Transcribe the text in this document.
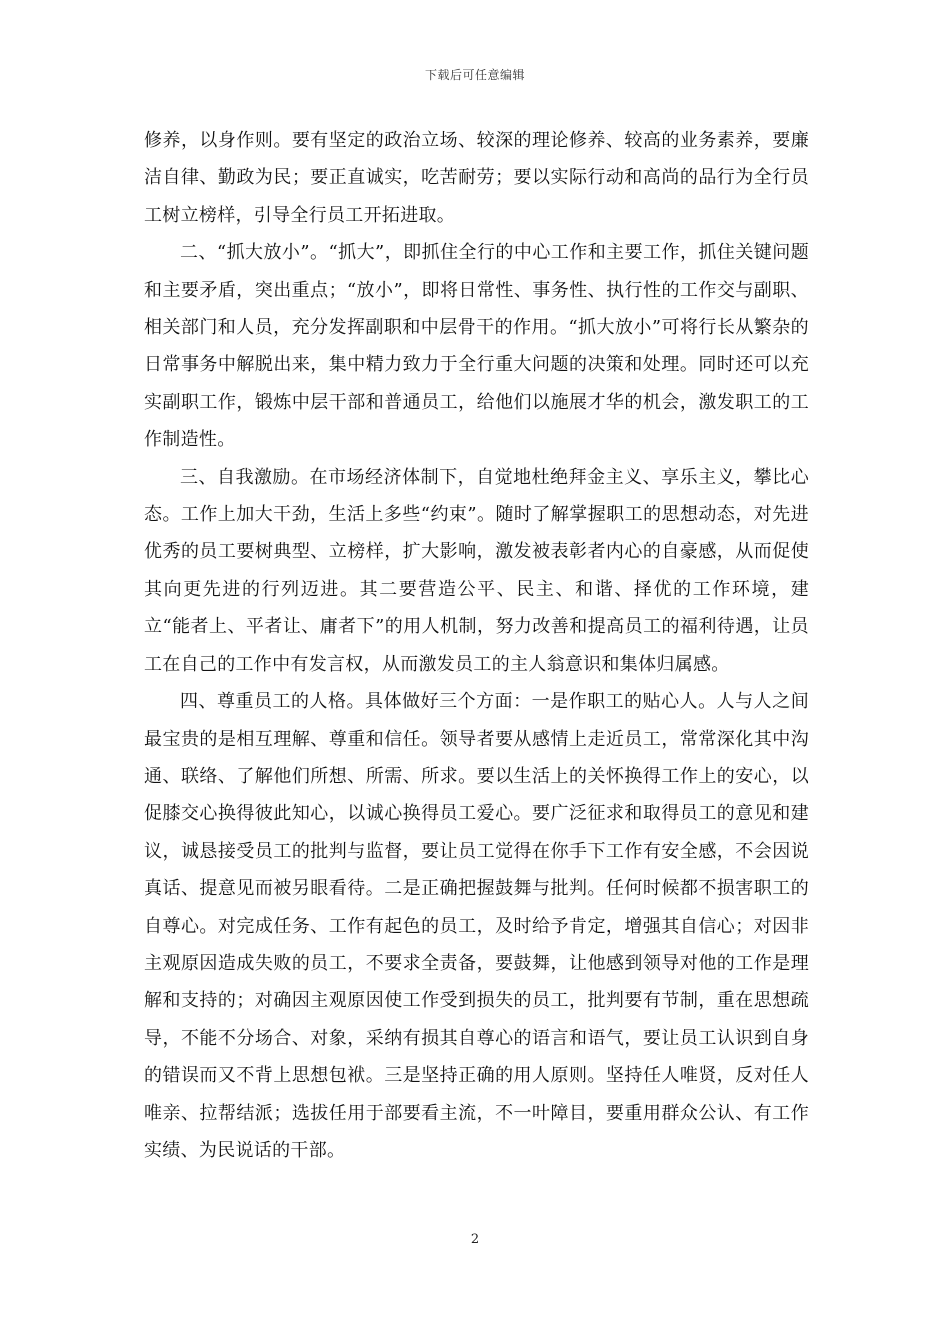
下载后可任意编辑

修养，以身作则。要有坚定的政治立场、较深的理论修养、较高的业务素养，要廉洁自律、勤政为民；要正直诚实，吃苦耐劳；要以实际行动和高尚的品行为全行员工树立榜样，引导全行员工开拓进取。

二、“抓大放小”。“抓大”，即抓住全行的中心工作和主要工作，抓住关键问题和主要矛盾，突出重点；“放小”，即将日常性、事务性、执行性的工作交与副职、相关部门和人员，充分发挥副职和中层骨干的作用。“抓大放小”可将行长从繁杂的日常事务中解脱出来，集中精力致力于全行重大问题的决策和处理。同时还可以充实副职工作，锻炼中层干部和普通员工，给他们以施展才华的机会，激发职工的工作制造性。

三、自我激励。在市场经济体制下，自觉地杜绝拜金主义、享乐主义，攀比心态。工作上加大干劲，生活上多些“约束”。随时了解掌握职工的思想动态，对先进优秀的员工要树典型、立榜样，扩大影响，激发被表彰者内心的自豪感，从而促使其向更先进的行列迈进。其二要营造公平、民主、和谐、择优的工作环境，建立“能者上、平者让、庸者下”的用人机制，努力改善和提高员工的福利待遇，让员工在自己的工作中有发言权，从而激发员工的主人翁意识和集体归属感。

四、尊重员工的人格。具体做好三个方面：一是作职工的贴心人。人与人之间最宝贵的是相互理解、尊重和信任。领导者要从感情上走近员工，常常深化其中沟通、联络、了解他们所想、所需、所求。要以生活上的关怀换得工作上的安心，以促膝交心换得彼此知心，以诚心换得员工爱心。要广泛征求和取得员工的意见和建议，诚恳接受员工的批判与监督，要让员工觉得在你手下工作有安全感，不会因说真话、提意见而被另眼看待。二是正确把握鼓舞与批判。任何时候都不损害职工的自尊心。对完成任务、工作有起色的员工，及时给予肯定，增强其自信心；对因非主观原因造成失败的员工，不要求全责备，要鼓舞，让他感到领导对他的工作是理解和支持的；对确因主观原因使工作受到损失的员工，批判要有节制，重在思想疏导，不能不分场合、对象，采纳有损其自尊心的语言和语气，要让员工认识到自身的错误而又不背上思想包袱。三是坚持正确的用人原则。坚持任人唯贤，反对任人唯亲、拉帮结派；选拔任用于部要看主流，不一叶障目，要重用群众公认、有工作实绩、为民说话的干部。

2
